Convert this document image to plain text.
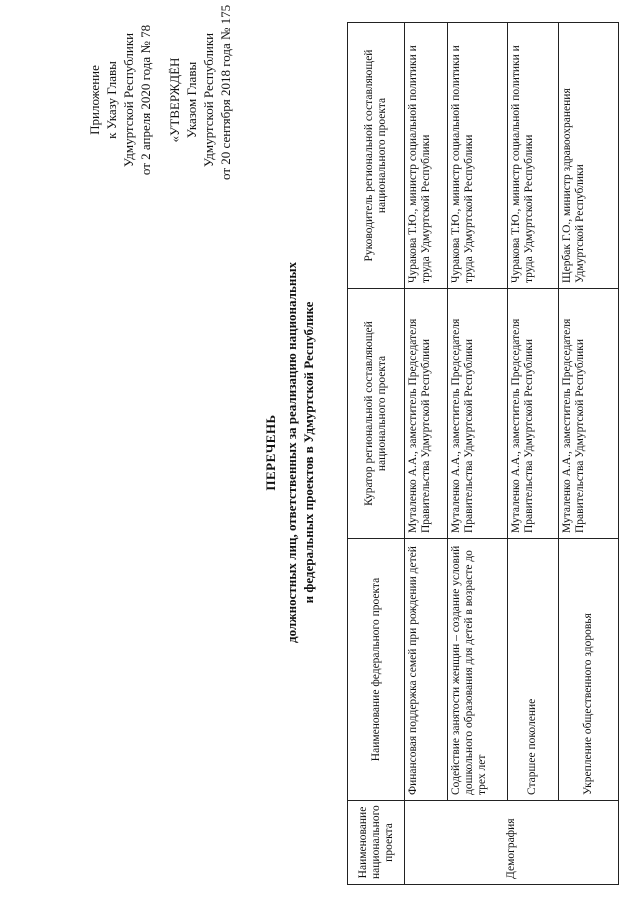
Приложение к Указу Главы Удмуртской Республики от 2 апреля 2020 года № 78 «УТВЕРЖДЁН Указом Главы Удмуртской Республики от 20 сентября 2018 года № 175
ПЕРЕЧЕНЬ должностных лиц, ответственных за реализацию национальных и федеральных проектов в Удмуртской Республике
Наименование национального проекта	Наименование федерального проекта	Куратор региональной составляющей национального проекта	Руководитель региональной составляющей национального проекта
Демография	Финансовая поддержка семей при рождении детей	Муталенко А.А., заместитель Председателя Правительства Удмуртской Республики	Чуракова Т.Ю., министр социальной политики и труда Удмуртской Республики
	Содействие занятости женщин – создание условий дошкольного образования для детей в возрасте до трех лет	Муталенко А.А., заместитель Председателя Правительства Удмуртской Республики	Чуракова Т.Ю., министр социальной политики и труда Удмуртской Республики
	Старшее поколение	Муталенко А.А., заместитель Председателя Правительства Удмуртской Республики	Чуракова Т.Ю., министр социальной политики и труда Удмуртской Республики
	Укрепление общественного здоровья	Муталенко А.А., заместитель Председателя Правительства Удмуртской Республики	Щербак Г.О., министр здравоохранения Удмуртской Республики
